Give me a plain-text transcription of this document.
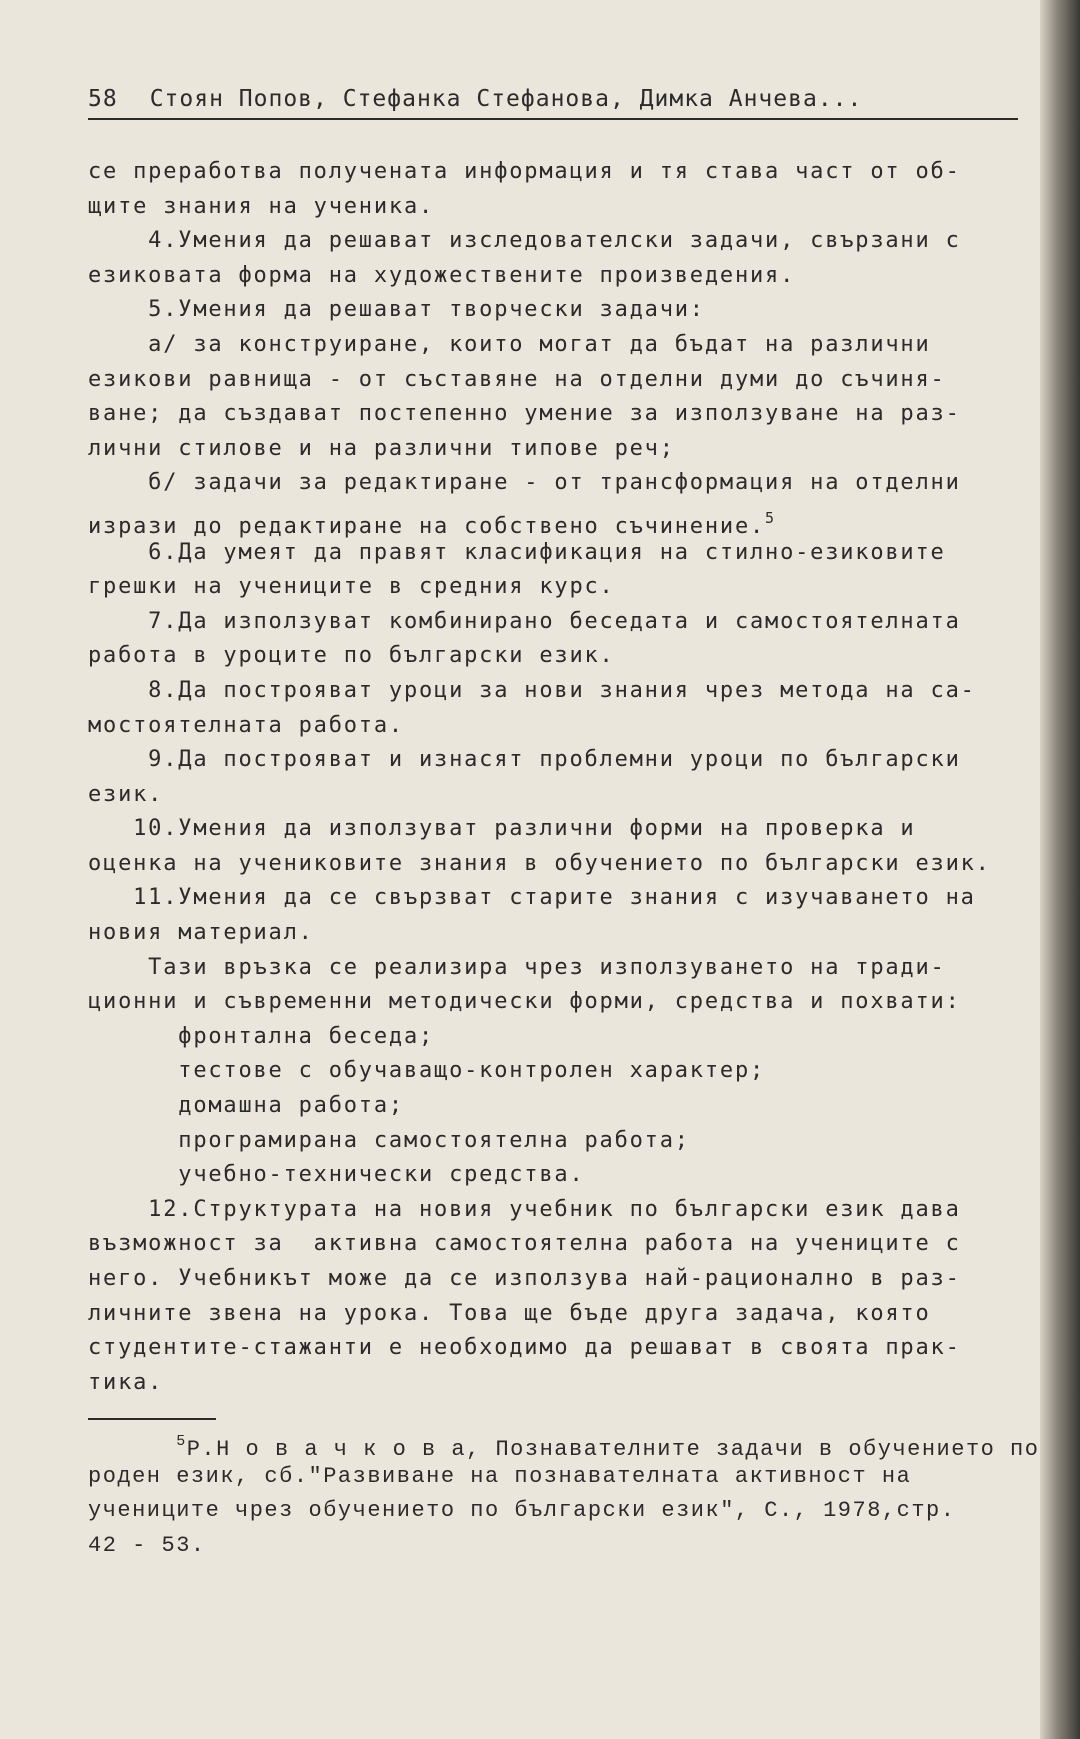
58 Стоян Попов, Стефанка Стефанова, Димка Анчева...
се преработва получената информация и тя става част от об-
щите знания на ученика.
4.Умения да решават изследователски задачи, свързани с
езиковата форма на художествените произведения.
5.Умения да решават творчески задачи:
а/ за конструиране, които могат да бъдат на различни
езикови равнища - от съставяне на отделни думи до съчиня-
ване; да създават постепенно умение за използуване на раз-
лични стилове и на различни типове реч;
б/ задачи за редактиране - от трансформация на отделни
изрази до редактиране на собствено съчинение.$^5$
6.Да умеят да правят класификация на стилно-езиковите
грешки на учениците в средния курс.
7.Да използуват комбинирано беседата и самостоятелната
работа в уроците по български език.
8.Да построяват уроци за нови знания чрез метода на са-
мостоятелната работа.
9.Да построяват и изнасят проблемни уроци по български
език.
10.Умения да използуват различни форми на проверка и
оценка на учениковите знания в обучението по български език.
11.Умения да се свързват старите знания с изучаването на
новия материал.
Тази връзка се реализира чрез използуването на тради-
ционни и съвременни методически форми, средства и похвати:
фронтална беседа;
тестове с обучаващо-контролен характер;
домашна работа;
програмирана самостоятелна работа;
учебно-технически средства.
12.Структурата на новия учебник по български език дава
възможност за  активна самостоятелна работа на учениците с
него. Учебникът може да се използува най-рационално в раз-
личните звена на урока. Това ще бъде друга задача, която
студентите-стажанти е необходимо да решават в своята прак-
тика.
$^5$Р.Н о в а ч к о в а, Познавателните задачи в обучението по
роден език, сб."Развиване на познавателната активност на
учениците чрез обучението по български език", С., 1978,стр.
42 - 53.
